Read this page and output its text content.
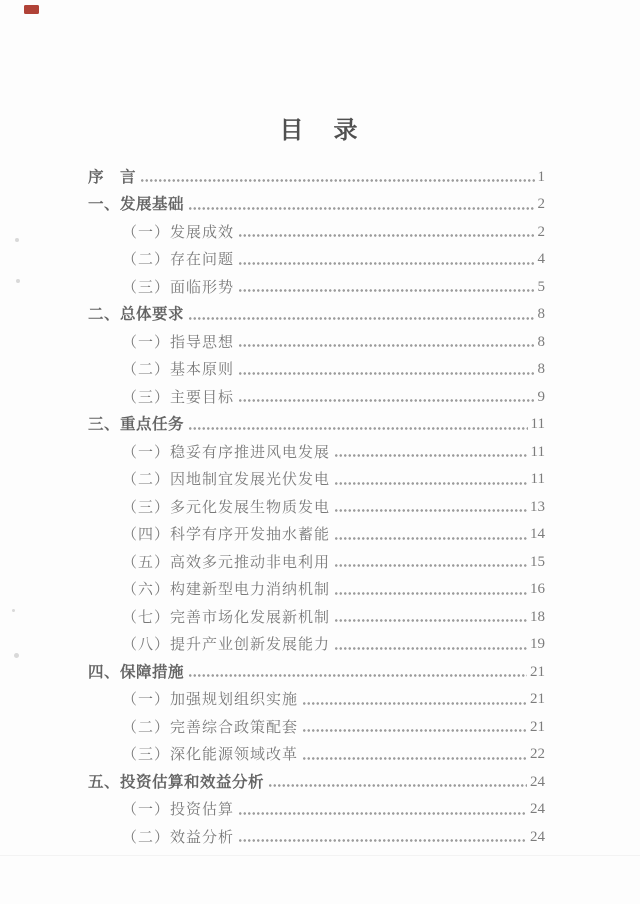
目　录
序　言	1
一、发展基础	2
（一）发展成效	2
（二）存在问题	4
（三）面临形势	5
二、总体要求	8
（一）指导思想	8
（二）基本原则	8
（三）主要目标	9
三、重点任务	11
（一）稳妥有序推进风电发展	11
（二）因地制宜发展光伏发电	11
（三）多元化发展生物质发电	13
（四）科学有序开发抽水蓄能	14
（五）高效多元推动非电利用	15
（六）构建新型电力消纳机制	16
（七）完善市场化发展新机制	18
（八）提升产业创新发展能力	19
四、保障措施	21
（一）加强规划组织实施	21
（二）完善综合政策配套	21
（三）深化能源领域改革	22
五、投资估算和效益分析	24
（一）投资估算	24
（二）效益分析	24
